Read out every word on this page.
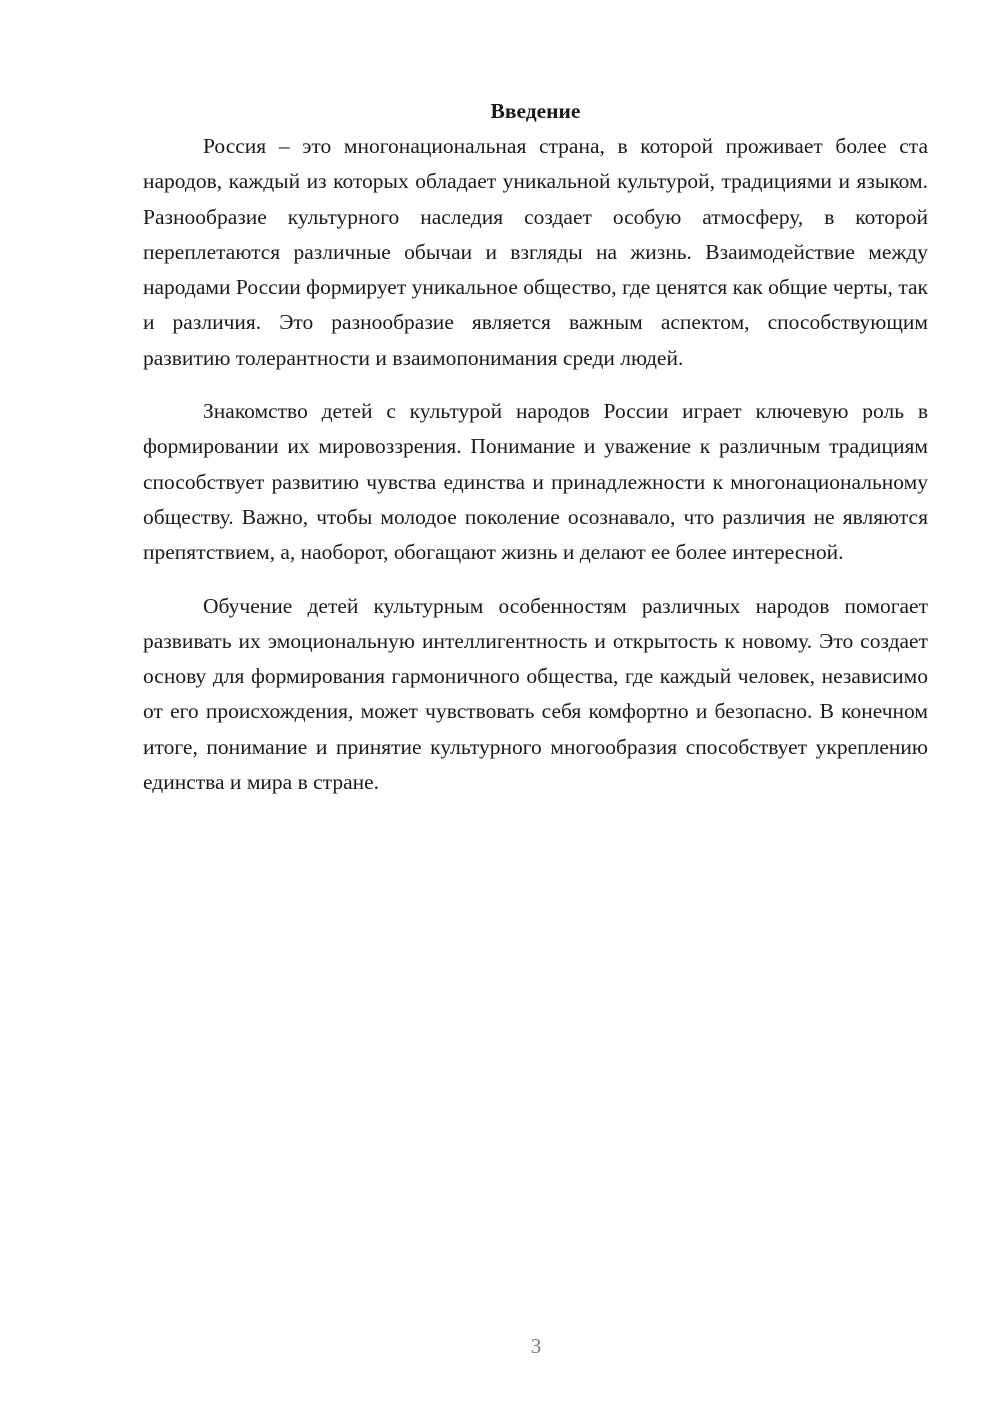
Введение

Россия – это многонациональная страна, в которой проживает более ста народов, каждый из которых обладает уникальной культурой, традициями и языком. Разнообразие культурного наследия создает особую атмосферу, в которой переплетаются различные обычаи и взгляды на жизнь. Взаимодействие между народами России формирует уникальное общество, где ценятся как общие черты, так и различия. Это разнообразие является важным аспектом, способствующим развитию толерантности и взаимопонимания среди людей.

Знакомство детей с культурой народов России играет ключевую роль в формировании их мировоззрения. Понимание и уважение к различным традициям способствует развитию чувства единства и принадлежности к многонациональному обществу. Важно, чтобы молодое поколение осознавало, что различия не являются препятствием, а, наоборот, обогащают жизнь и делают ее более интересной.

Обучение детей культурным особенностям различных народов помогает развивать их эмоциональную интеллигентность и открытость к новому. Это создает основу для формирования гармоничного общества, где каждый человек, независимо от его происхождения, может чувствовать себя комфортно и безопасно. В конечном итоге, понимание и принятие культурного многообразия способствует укреплению единства и мира в стране.

3
